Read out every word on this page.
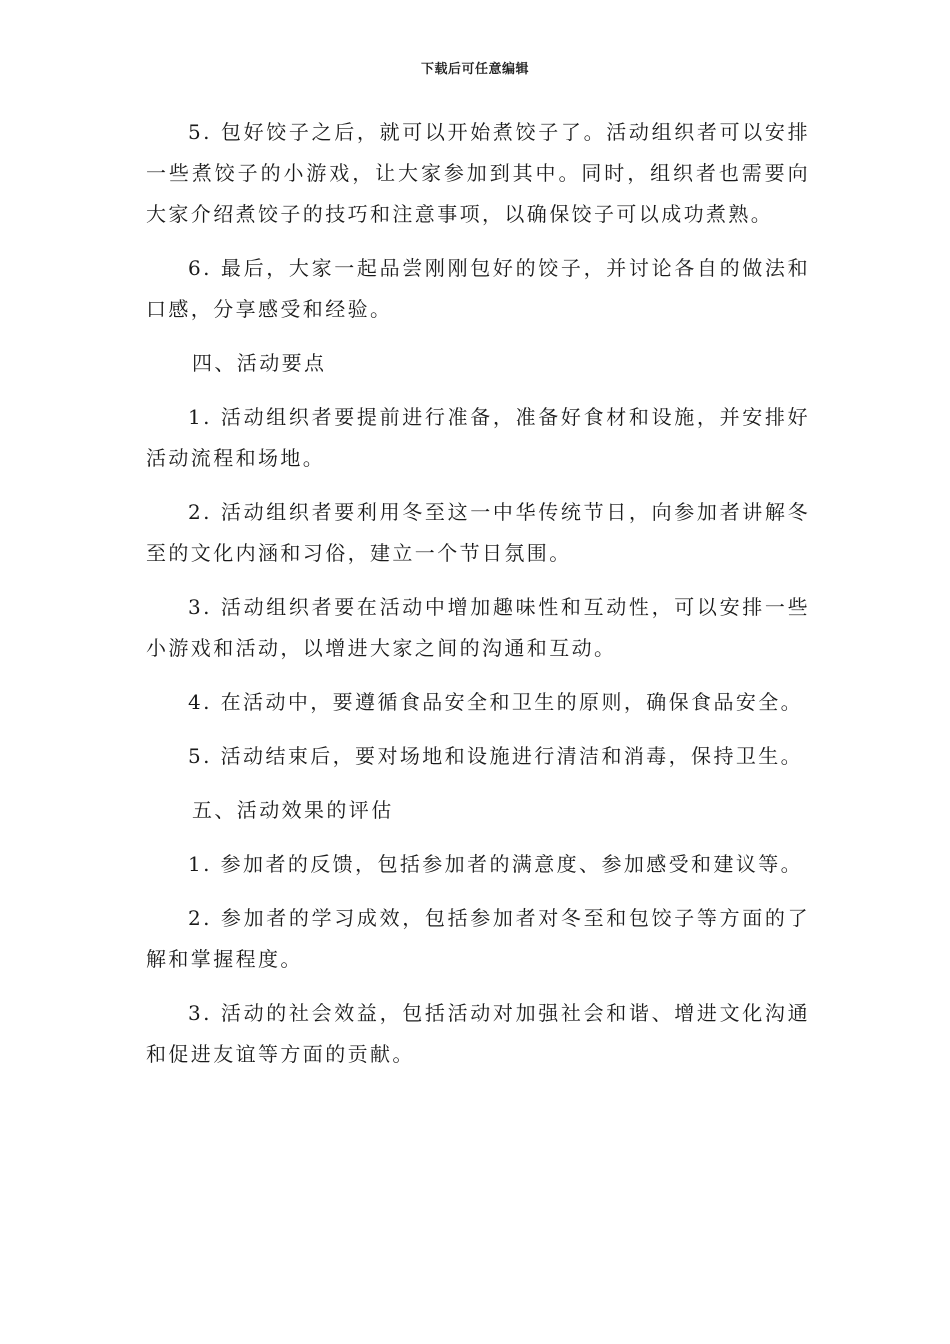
下载后可任意编辑

5. 包好饺子之后，就可以开始煮饺子了。活动组织者可以安排一些煮饺子的小游戏，让大家参加到其中。同时，组织者也需要向大家介绍煮饺子的技巧和注意事项，以确保饺子可以成功煮熟。

6. 最后，大家一起品尝刚刚包好的饺子，并讨论各自的做法和口感，分享感受和经验。

四、活动要点

1. 活动组织者要提前进行准备，准备好食材和设施，并安排好活动流程和场地。

2. 活动组织者要利用冬至这一中华传统节日，向参加者讲解冬至的文化内涵和习俗，建立一个节日氛围。

3. 活动组织者要在活动中增加趣味性和互动性，可以安排一些小游戏和活动，以增进大家之间的沟通和互动。

4. 在活动中，要遵循食品安全和卫生的原则，确保食品安全。

5. 活动结束后，要对场地和设施进行清洁和消毒，保持卫生。

五、活动效果的评估

1. 参加者的反馈，包括参加者的满意度、参加感受和建议等。

2. 参加者的学习成效，包括参加者对冬至和包饺子等方面的了解和掌握程度。

3. 活动的社会效益，包括活动对加强社会和谐、增进文化沟通和促进友谊等方面的贡献。
